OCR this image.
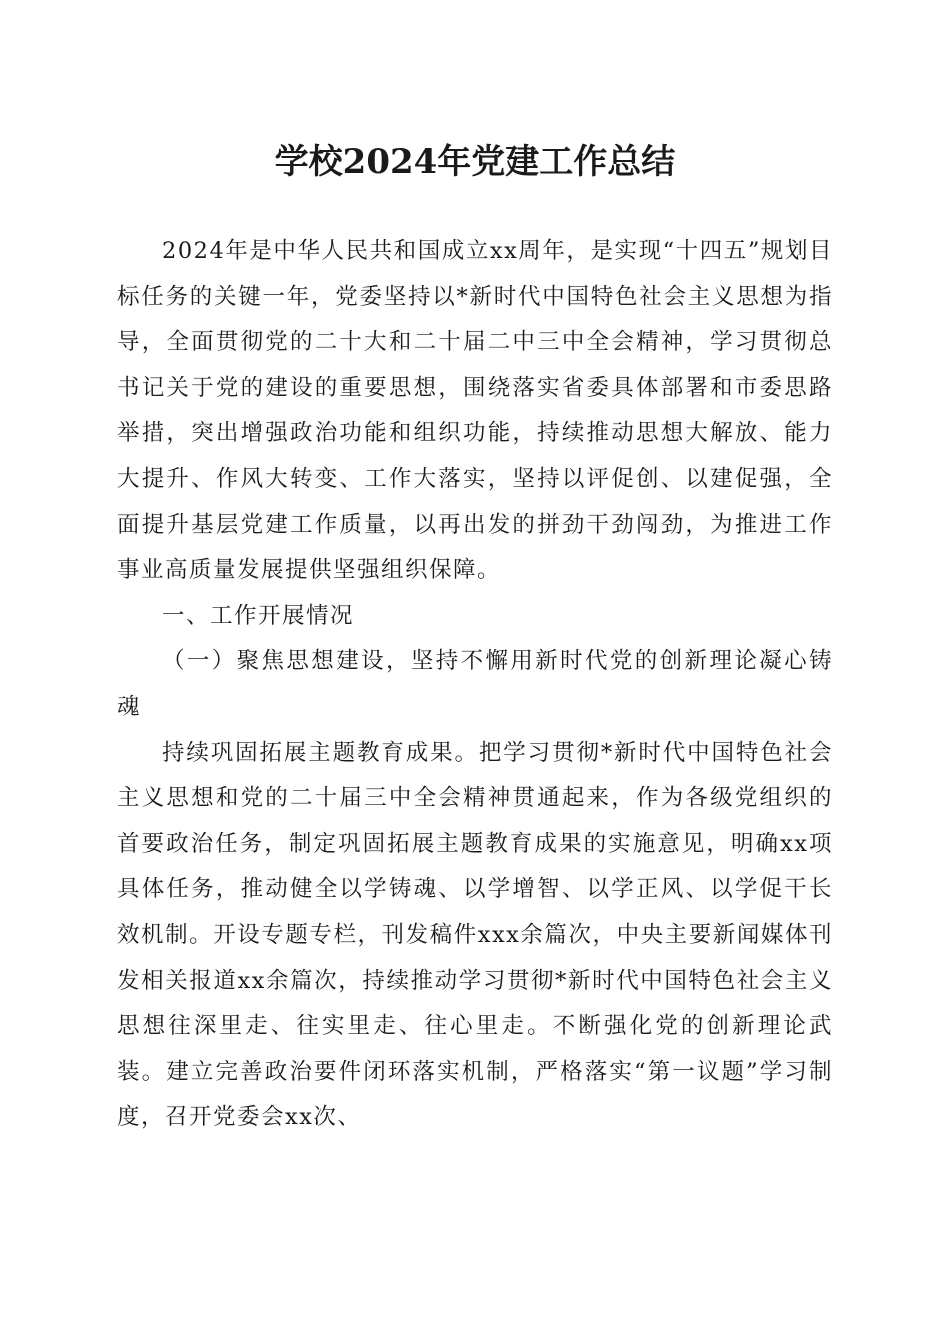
学校2024年党建工作总结

2024年是中华人民共和国成立xx周年，是实现“十四五”规划目标任务的关键一年，党委坚持以*新时代中国特色社会主义思想为指导，全面贯彻党的二十大和二十届二中三中全会精神，学习贯彻总书记关于党的建设的重要思想，围绕落实省委具体部署和市委思路举措，突出增强政治功能和组织功能，持续推动思想大解放、能力大提升、作风大转变、工作大落实，坚持以评促创、以建促强，全面提升基层党建工作质量，以再出发的拼劲干劲闯劲，为推进工作事业高质量发展提供坚强组织保障。

一、工作开展情况

（一）聚焦思想建设，坚持不懈用新时代党的创新理论凝心铸魂

持续巩固拓展主题教育成果。把学习贯彻*新时代中国特色社会主义思想和党的二十届三中全会精神贯通起来，作为各级党组织的首要政治任务，制定巩固拓展主题教育成果的实施意见，明确xx项具体任务，推动健全以学铸魂、以学增智、以学正风、以学促干长效机制。开设专题专栏，刊发稿件xxx余篇次，中央主要新闻媒体刊发相关报道xx余篇次，持续推动学习贯彻*新时代中国特色社会主义思想往深里走、往实里走、往心里走。不断强化党的创新理论武装。建立完善政治要件闭环落实机制，严格落实“第一议题”学习制度，召开党委会xx次、
